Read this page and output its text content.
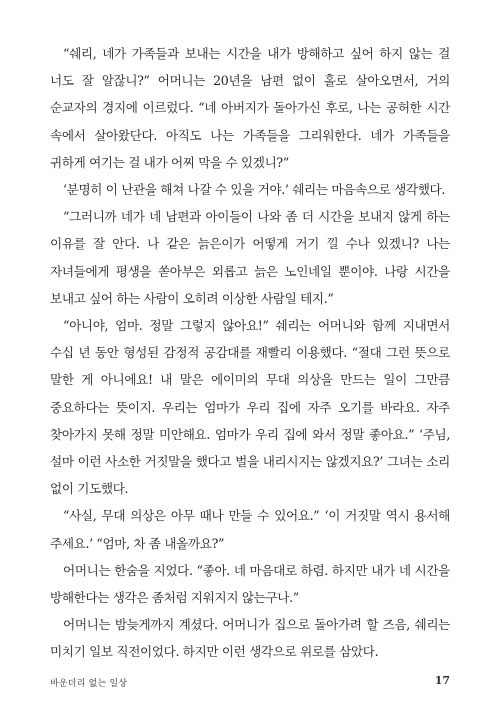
“쉐리, 네가 가족들과 보내는 시간을 내가 방해하고 싶어 하지 않는 걸 너도 잘 알잖니?” 어머니는 20년을 남편 없이 홀로 살아오면서, 거의 순교자의 경지에 이르렀다. “네 아버지가 돌아가신 후로, 나는 공허한 시간 속에서 살아왔단다. 아직도 나는 가족들을 그리워한다. 네가 가족들을 귀하게 여기는 걸 내가 어찌 막을 수 있겠니?”

‘분명히 이 난관을 해쳐 나갈 수 있을 거야.’ 쉐리는 마음속으로 생각했다.

“그러니까 네가 네 남편과 아이들이 나와 좀 더 시간을 보내지 않게 하는 이유를 잘 안다. 나 같은 늙은이가 어떻게 거기 낄 수나 있겠니? 나는 자녀들에게 평생을 쏟아부은 외롭고 늙은 노인네일 뿐이야. 나랑 시간을 보내고 싶어 하는 사람이 오히려 이상한 사람일 테지.”

“아니야, 엄마. 정말 그렇지 않아요!” 쉐리는 어머니와 함께 지내면서 수십 년 동안 형성된 감정적 공감대를 재빨리 이용했다. “절대 그런 뜻으로 말한 게 아니에요! 내 말은 에이미의 무대 의상을 만드는 일이 그만큼 중요하다는 뜻이지. 우리는 엄마가 우리 집에 자주 오기를 바라요. 자주 찾아가지 못해 정말 미안해요. 엄마가 우리 집에 와서 정말 좋아요.” ‘주님, 설마 이런 사소한 거짓말을 했다고 벌을 내리시지는 않겠지요?’ 그녀는 소리 없이 기도했다.

“사실, 무대 의상은 아무 때나 만들 수 있어요.” ‘이 거짓말 역시 용서해 주세요.’ “엄마, 차 좀 내올까요?”

어머니는 한숨을 지었다. “좋아. 네 마음대로 하렴. 하지만 내가 네 시간을 방해한다는 생각은 좀처럼 지워지지 않는구나.”

어머니는 밤늦게까지 계셨다. 어머니가 집으로 돌아가려 할 즈음, 쉐리는 미치기 일보 직전이었다. 하지만 이런 생각으로 위로를 삼았다.

바운더리 없는 일상	17
